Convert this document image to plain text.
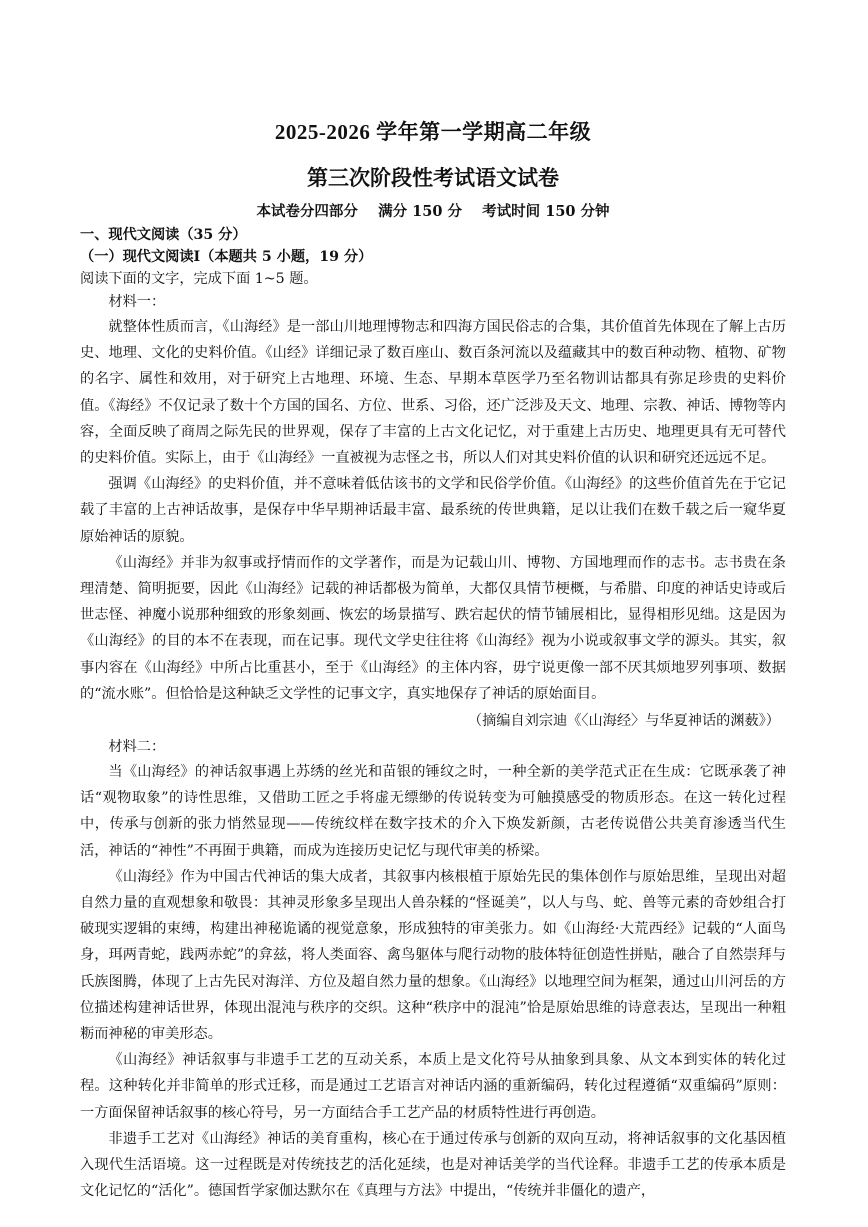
2025-2026 学年第一学期高二年级
第三次阶段性考试语文试卷
本试卷分四部分    满分 150 分    考试时间 150 分钟

一、现代文阅读（35 分）

（一）现代文阅读Ⅰ（本题共 5 小题，19 分）

阅读下面的文字，完成下面 1~5 题。

材料一：

就整体性质而言，《山海经》是一部山川地理博物志和四海方国民俗志的合集，其价值首先体现在了解上古历史、地理、文化的史料价值。《山经》详细记录了数百座山、数百条河流以及蕴藏其中的数百种动物、植物、矿物的名字、属性和效用，对于研究上古地理、环境、生态、早期本草医学乃至名物训诂都具有弥足珍贵的史料价值。《海经》不仅记录了数十个方国的国名、方位、世系、习俗，还广泛涉及天文、地理、宗教、神话、博物等内容，全面反映了商周之际先民的世界观，保存了丰富的上古文化记忆，对于重建上古历史、地理更具有无可替代的史料价值。实际上，由于《山海经》一直被视为志怪之书，所以人们对其史料价值的认识和研究还远远不足。

强调《山海经》的史料价值，并不意味着低估该书的文学和民俗学价值。《山海经》的这些价值首先在于它记载了丰富的上古神话故事，是保存中华早期神话最丰富、最系统的传世典籍，足以让我们在数千载之后一窥华夏原始神话的原貌。

《山海经》并非为叙事或抒情而作的文学著作，而是为记载山川、博物、方国地理而作的志书。志书贵在条理清楚、简明扼要，因此《山海经》记载的神话都极为简单，大都仅具情节梗概，与希腊、印度的神话史诗或后世志怪、神魔小说那种细致的形象刻画、恢宏的场景描写、跌宕起伏的情节铺展相比，显得相形见绌。这是因为《山海经》的目的本不在表现，而在记事。现代文学史往往将《山海经》视为小说或叙事文学的源头。其实，叙事内容在《山海经》中所占比重甚小，至于《山海经》的主体内容，毋宁说更像一部不厌其烦地罗列事项、数据的“流水账”。但恰恰是这种缺乏文学性的记事文字，真实地保存了神话的原始面目。

（摘编自刘宗迪《〈山海经〉与华夏神话的渊薮》）

材料二：

当《山海经》的神话叙事遇上苏绣的丝光和苗银的锤纹之时，一种全新的美学范式正在生成：它既承袭了神话“观物取象”的诗性思维，又借助工匠之手将虚无缥缈的传说转变为可触摸感受的物质形态。在这一转化过程中，传承与创新的张力悄然显现——传统纹样在数字技术的介入下焕发新颜，古老传说借公共美育渗透当代生活，神话的“神性”不再囿于典籍，而成为连接历史记忆与现代审美的桥梁。

《山海经》作为中国古代神话的集大成者，其叙事内核根植于原始先民的集体创作与原始思维，呈现出对超自然力量的直观想象和敬畏：其神灵形象多呈现出人兽杂糅的“怪诞美”，以人与鸟、蛇、兽等元素的奇妙组合打破现实逻辑的束缚，构建出神秘诡谲的视觉意象，形成独特的审美张力。如《山海经·大荒西经》记载的“人面鸟身，珥两青蛇，践两赤蛇”的弇兹，将人类面容、禽鸟躯体与爬行动物的肢体特征创造性拼贴，融合了自然崇拜与氏族图腾，体现了上古先民对海洋、方位及超自然力量的想象。《山海经》以地理空间为框架，通过山川河岳的方位描述构建神话世界，体现出混沌与秩序的交织。这种“秩序中的混沌”恰是原始思维的诗意表达，呈现出一种粗粝而神秘的审美形态。

《山海经》神话叙事与非遗手工艺的互动关系，本质上是文化符号从抽象到具象、从文本到实体的转化过程。这种转化并非简单的形式迁移，而是通过工艺语言对神话内涵的重新编码，转化过程遵循“双重编码”原则：一方面保留神话叙事的核心符号，另一方面结合手工艺产品的材质特性进行再创造。

非遗手工艺对《山海经》神话的美育重构，核心在于通过传承与创新的双向互动，将神话叙事的文化基因植入现代生活语境。这一过程既是对传统技艺的活化延续，也是对神话美学的当代诠释。非遗手工艺的传承本质是文化记忆的“活化”。德国哲学家伽达默尔在《真理与方法》中提出，“传统并非僵化的遗产，
